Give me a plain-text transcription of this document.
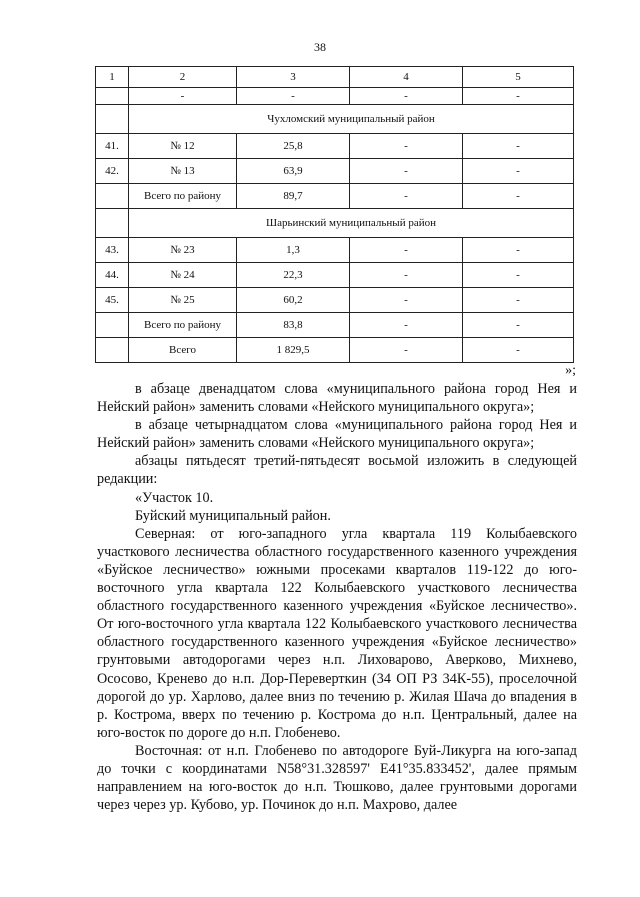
38
1	2	3	4	5
	-	-	-	-
	Чухломский муниципальный район			
41.	№ 12	25,8	-	-
42.	№ 13	63,9	-	-
	Всего по району	89,7	-	-
	Шарьинский муниципальный район			
43.	№ 23	1,3	-	-
44.	№ 24	22,3	-	-
45.	№ 25	60,2	-	-
	Всего по району	83,8	-	-
	Всего	1 829,5	-	-
»;

в абзаце двенадцатом слова «муниципального района город Нея и Нейский район» заменить словами «Нейского муниципального округа»;

в абзаце четырнадцатом слова «муниципального района город Нея и Нейский район» заменить словами «Нейского муниципального округа»;

абзацы пятьдесят третий-пятьдесят восьмой изложить в следующей редакции:

«Участок 10.

Буйский муниципальный район.

Северная: от юго-западного угла квартала 119 Колыбаевского участкового лесничества областного государственного казенного учреждения «Буйское лесничество» южными просеками кварталов 119-122 до юго-восточного угла квартала 122 Колыбаевского участкового лесничества областного государственного казенного учреждения «Буйское лесничество». От юго-восточного угла квартала 122 Колыбаевского участкового лесничества областного государственного казенного учреждения «Буйское лесничество» грунтовыми автодорогами через н.п. Лиховарово, Аверково, Михнево, Ососово, Кренево до н.п. Дор-Переверткин (34 ОП РЗ 34К-55), проселочной дорогой до ур. Харлово, далее вниз по течению р. Жилая Шача до впадения в р. Кострома, вверх по течению р. Кострома до н.п. Центральный, далее на юго-восток по дороге до н.п. Глобенево.

Восточная: от н.п. Глобенево по автодороге Буй-Ликурга на юго-запад до точки с координатами N58°31.328597' E41°35.833452', далее прямым направлением на юго-восток до н.п. Тюшково, далее грунтовыми дорогами через через ур. Кубово, ур. Починок до н.п. Махрово, далее
